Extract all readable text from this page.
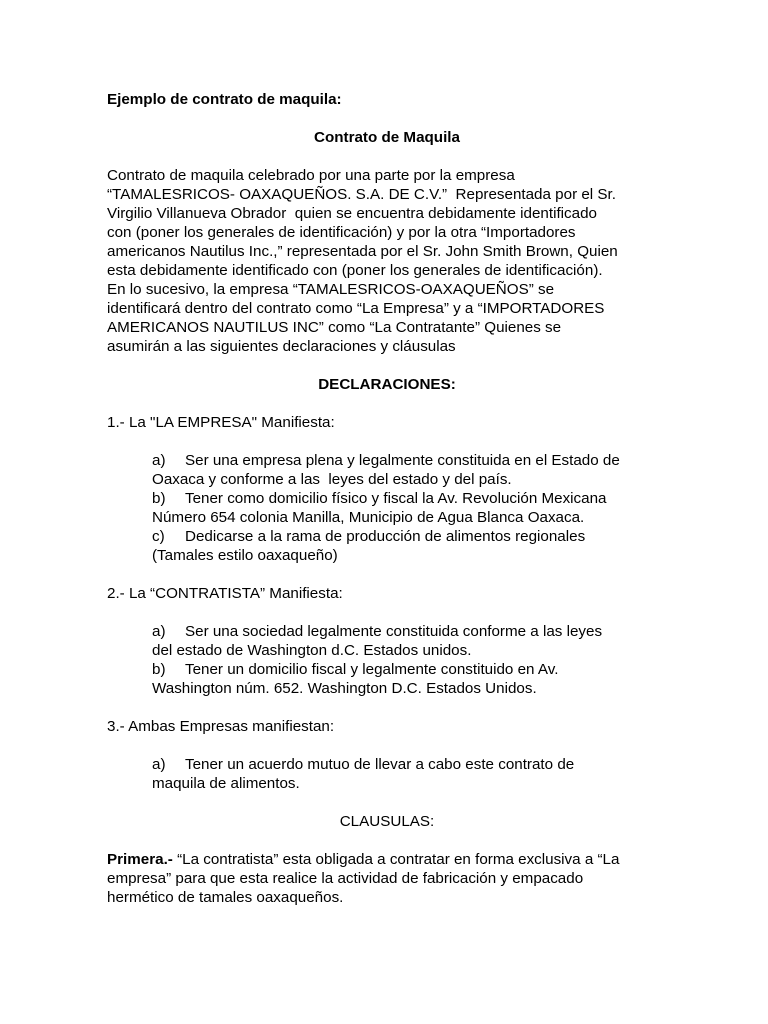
Ejemplo de contrato de maquila:
Contrato de Maquila
Contrato de maquila celebrado por una parte por la empresa
“TAMALESRICOS- OAXAQUEÑOS. S.A. DE C.V.”  Representada por el Sr.
Virgilio Villanueva Obrador  quien se encuentra debidamente identificado
con (poner los generales de identificación) y por la otra “Importadores
americanos Nautilus Inc.,” representada por el Sr. John Smith Brown, Quien
esta debidamente identificado con (poner los generales de identificación).
En lo sucesivo, la empresa “TAMALESRICOS-OAXAQUEÑOS” se
identificará dentro del contrato como “La Empresa” y a “IMPORTADORES
AMERICANOS NAUTILUS INC” como “La Contratante” Quienes se
asumirán a las siguientes declaraciones y cláusulas
DECLARACIONES:
1.- La "LA EMPRESA" Manifiesta:
a) Ser una empresa plena y legalmente constituida en el Estado de
Oaxaca y conforme a las  leyes del estado y del país.
b) Tener como domicilio físico y fiscal la Av. Revolución Mexicana
Número 654 colonia Manilla, Municipio de Agua Blanca Oaxaca.
c) Dedicarse a la rama de producción de alimentos regionales
(Tamales estilo oaxaqueño)
2.- La “CONTRATISTA” Manifiesta:
a) Ser una sociedad legalmente constituida conforme a las leyes
del estado de Washington d.C. Estados unidos.
b) Tener un domicilio fiscal y legalmente constituido en Av.
Washington núm. 652. Washington D.C. Estados Unidos.
3.- Ambas Empresas manifiestan:
a) Tener un acuerdo mutuo de llevar a cabo este contrato de
maquila de alimentos.
CLAUSULAS:
Primera.- “La contratista” esta obligada a contratar en forma exclusiva a “La
empresa” para que esta realice la actividad de fabricación y empacado
hermético de tamales oaxaqueños.
